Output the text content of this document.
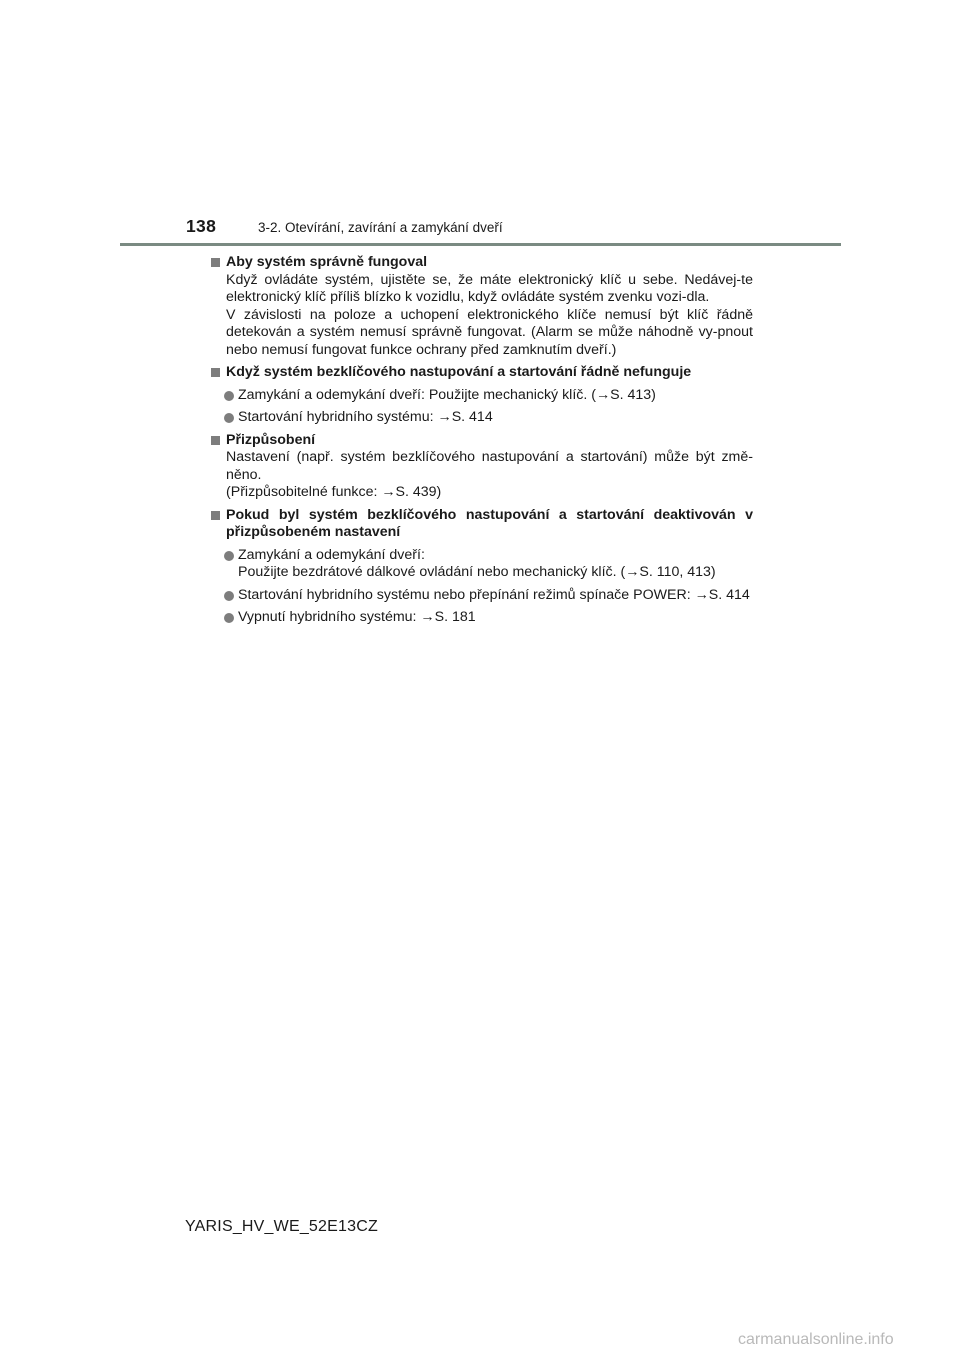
138	3-2. Otevírání, zavírání a zamykání dveří
Aby systém správně fungoval
Když ovládáte systém, ujistěte se, že máte elektronický klíč u sebe. Nedávej-te elektronický klíč příliš blízko k vozidlu, když ovládáte systém zvenku vozi-dla.
V závislosti na poloze a uchopení elektronického klíče nemusí být klíč řádně detekován a systém nemusí správně fungovat. (Alarm se může náhodně vy-pnout nebo nemusí fungovat funkce ochrany před zamknutím dveří.)
Když systém bezklíčového nastupování a startování řádně nefunguje
Zamykání a odemykání dveří: Použijte mechanický klíč. (→S. 413)
Startování hybridního systému: →S. 414
Přizpůsobení
Nastavení (např. systém bezklíčového nastupování a startování) může být změ-něno.
(Přizpůsobitelné funkce: →S. 439)
Pokud byl systém bezklíčového nastupování a startování deaktivován v přizpůsobeném nastavení
Zamykání a odemykání dveří:
Použijte bezdrátové dálkové ovládání nebo mechanický klíč. (→S. 110, 413)
Startování hybridního systému nebo přepínání režimů spínače POWER: →S. 414
Vypnutí hybridního systému: →S. 181
YARIS_HV_WE_52E13CZ
carmanualsonline.info
